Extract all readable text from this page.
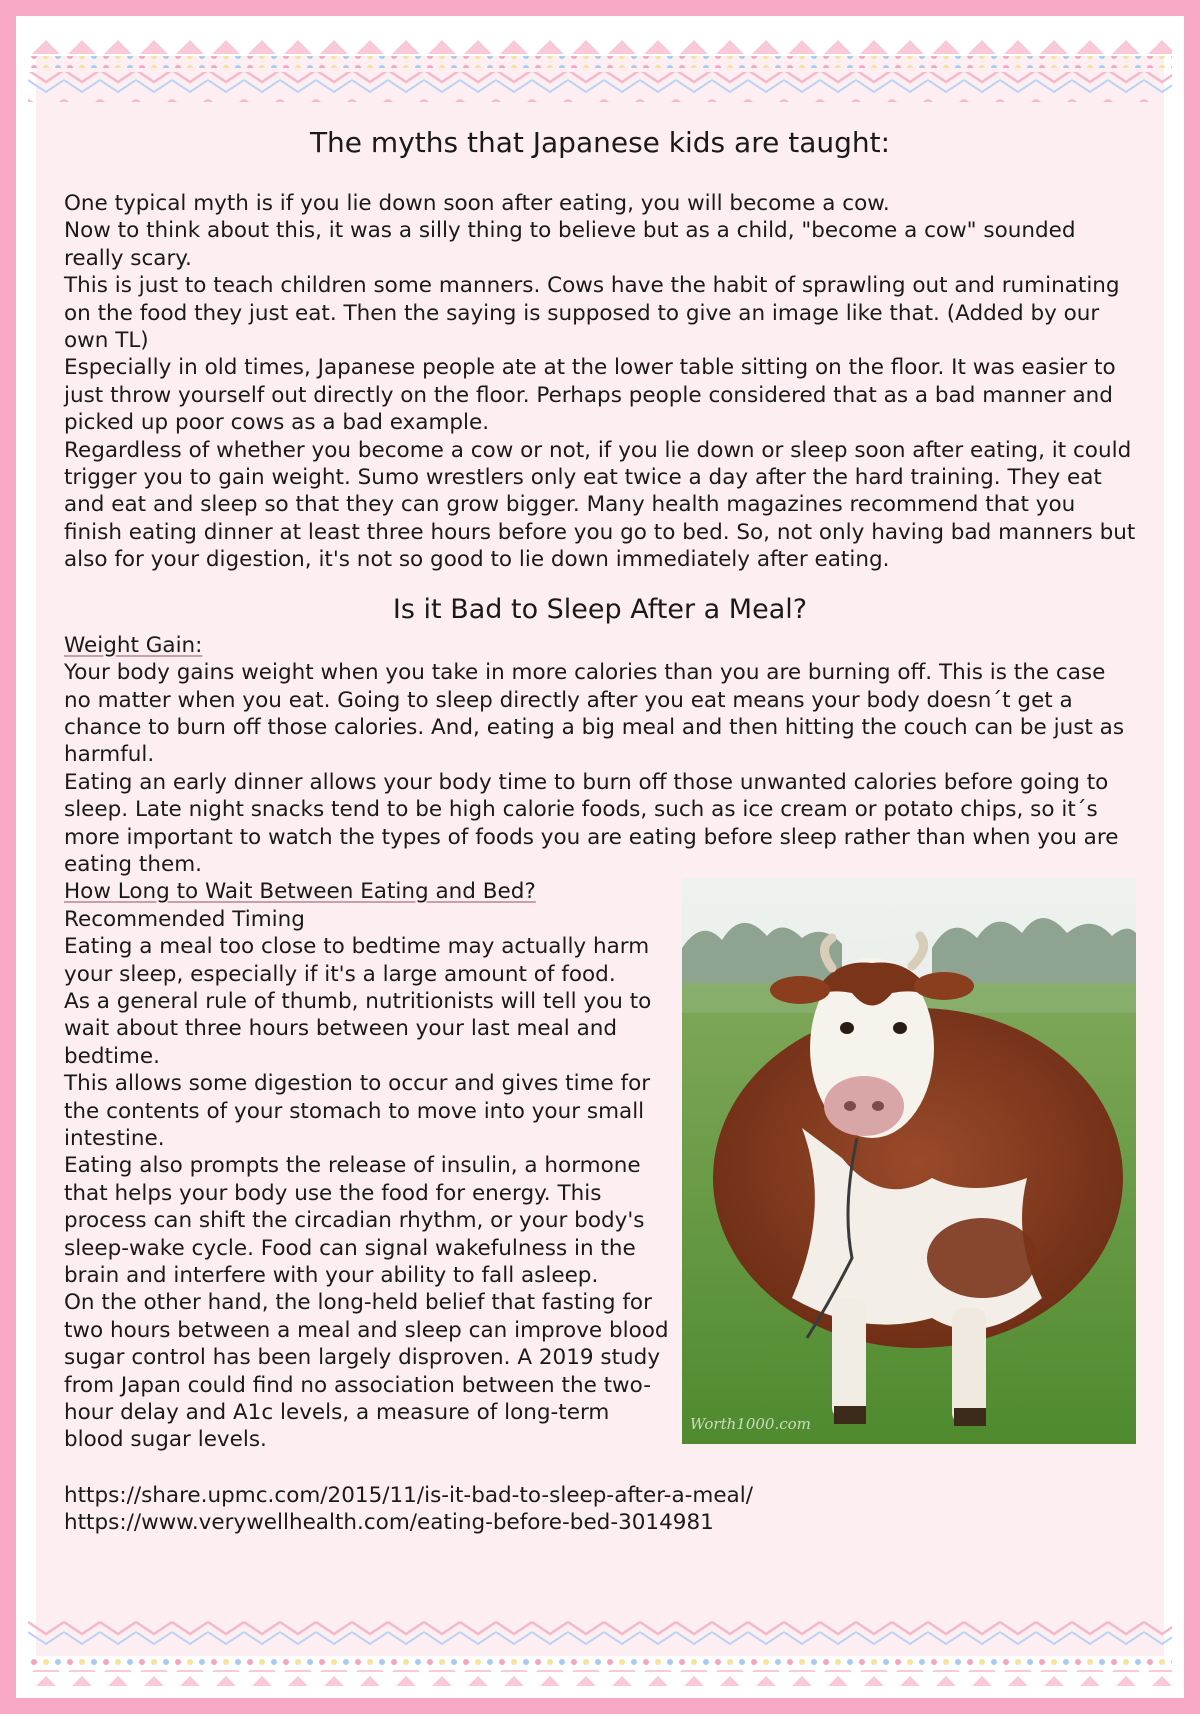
The myths that Japanese kids are taught:

One typical myth is if you lie down soon after eating, you will become a cow.

Now to think about this, it was a silly thing to believe but as a child, "become a cow" sounded really scary.

This is just to teach children some manners. Cows have the habit of sprawling out and ruminating on the food they just eat. Then the saying is supposed to give an image like that. (Added by our own TL)

Especially in old times, Japanese people ate at the lower table sitting on the floor. It was easier to just throw yourself out directly on the floor. Perhaps people considered that as a bad manner and picked up poor cows as a bad example.

Regardless of whether you become a cow or not, if you lie down or sleep soon after eating, it could trigger you to gain weight. Sumo wrestlers only eat twice a day after the hard training. They eat and eat and sleep so that they can grow bigger. Many health magazines recommend that you finish eating dinner at least three hours before you go to bed. So, not only having bad manners but also for your digestion, it's not so good to lie down immediately after eating.

Is it Bad to Sleep After a Meal?

Weight Gain:

Your body gains weight when you take in more calories than you are burning off. This is the case no matter when you eat. Going to sleep directly after you eat means your body doesn´t get a chance to burn off those calories. And, eating a big meal and then hitting the couch can be just as harmful.

Eating an early dinner allows your body time to burn off those unwanted calories before going to sleep. Late night snacks tend to be high calorie foods, such as ice cream or potato chips, so it´s more important to watch the types of foods you are eating before sleep rather than when you are eating them.

Worth1000.com

How Long to Wait Between Eating and Bed?

Recommended Timing

Eating a meal too close to bedtime may actually harm your sleep, especially if it's a large amount of food.

As a general rule of thumb, nutritionists will tell you to wait about three hours between your last meal and bedtime.

This allows some digestion to occur and gives time for the contents of your stomach to move into your small intestine.

Eating also prompts the release of insulin, a hormone that helps your body use the food for energy. This process can shift the circadian rhythm, or your body's sleep-wake cycle. Food can signal wakefulness in the brain and interfere with your ability to fall asleep.

On the other hand, the long-held belief that fasting for two hours between a meal and sleep can improve blood sugar control has been largely disproven. A 2019 study from Japan could find no association between the two-hour delay and A1c levels, a measure of long-term blood sugar levels.

https://share.upmc.com/2015/11/is-it-bad-to-sleep-after-a-meal/

https://www.verywellhealth.com/eating-before-bed-3014981
